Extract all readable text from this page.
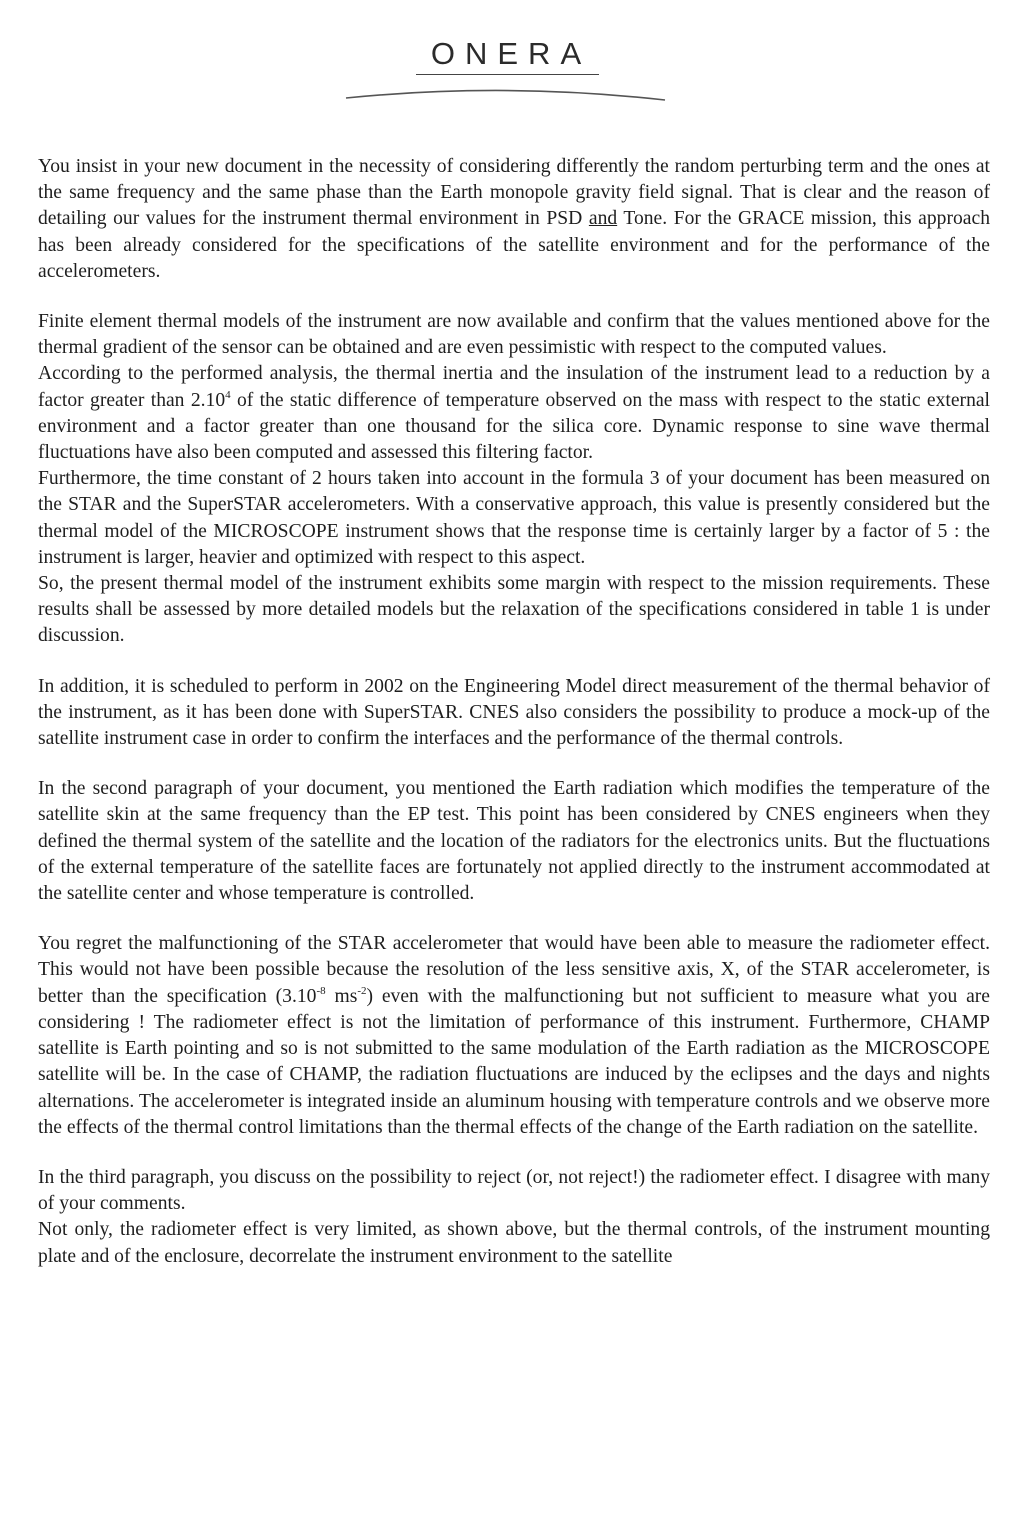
ONERA

You insist in your new document in the necessity of considering differently the random perturbing term and the ones at the same frequency and the same phase than the Earth monopole gravity field signal. That is clear and the reason of detailing our values for the instrument thermal environment in PSD and Tone. For the GRACE mission, this approach has been already considered for the specifications of the satellite environment and for the performance of the accelerometers.

Finite element thermal models of the instrument are now available and confirm that the values mentioned above for the thermal gradient of the sensor can be obtained and are even pessimistic with respect to the computed values.

According to the performed analysis, the thermal inertia and the insulation of the instrument lead to a reduction by a factor greater than 2.10$^4$ of the static difference of temperature observed on the mass with respect to the static external environment and a factor greater than one thousand for the silica core. Dynamic response to sine wave thermal fluctuations have also been computed and assessed this filtering factor.

Furthermore, the time constant of 2 hours taken into account in the formula 3 of your document has been measured on the STAR and the SuperSTAR accelerometers. With a conservative approach, this value is presently considered but the thermal model of the MICROSCOPE instrument shows that the response time is certainly larger by a factor of 5 : the instrument is larger, heavier and optimized with respect to this aspect.

So, the present thermal model of the instrument exhibits some margin with respect to the mission requirements. These results shall be assessed by more detailed models but the relaxation of the specifications considered in table 1 is under discussion.

In addition, it is scheduled to perform in 2002 on the Engineering Model direct measurement of the thermal behavior of the instrument, as it has been done with SuperSTAR. CNES also considers the possibility to produce a mock-up of the satellite instrument case in order to confirm the interfaces and the performance of the thermal controls.

In the second paragraph of your document, you mentioned the Earth radiation which modifies the temperature of the satellite skin at the same frequency than the EP test. This point has been considered by CNES engineers when they defined the thermal system of the satellite and the location of the radiators for the electronics units. But the fluctuations of the external temperature of the satellite faces are fortunately not applied directly to the instrument accommodated at the satellite center and whose temperature is controlled.

You regret the malfunctioning of the STAR accelerometer that would have been able to measure the radiometer effect. This would not have been possible because the resolution of the less sensitive axis, X, of the STAR accelerometer, is better than the specification ($3.10^{-8}$ $ms^{-2}$) even with the malfunctioning but not sufficient to measure what you are considering ! The radiometer effect is not the limitation of performance of this instrument. Furthermore, CHAMP satellite is Earth pointing and so is not submitted to the same modulation of the Earth radiation as the MICROSCOPE satellite will be. In the case of CHAMP, the radiation fluctuations are induced by the eclipses and the days and nights alternations. The accelerometer is integrated inside an aluminum housing with temperature controls and we observe more the effects of the thermal control limitations than the thermal effects of the change of the Earth radiation on the satellite.

In the third paragraph, you discuss on the possibility to reject (or, not reject!) the radiometer effect. I disagree with many of your comments.

Not only, the radiometer effect is very limited, as shown above, but the thermal controls, of the instrument mounting plate and of the enclosure, decorrelate the instrument environment to the satellite
